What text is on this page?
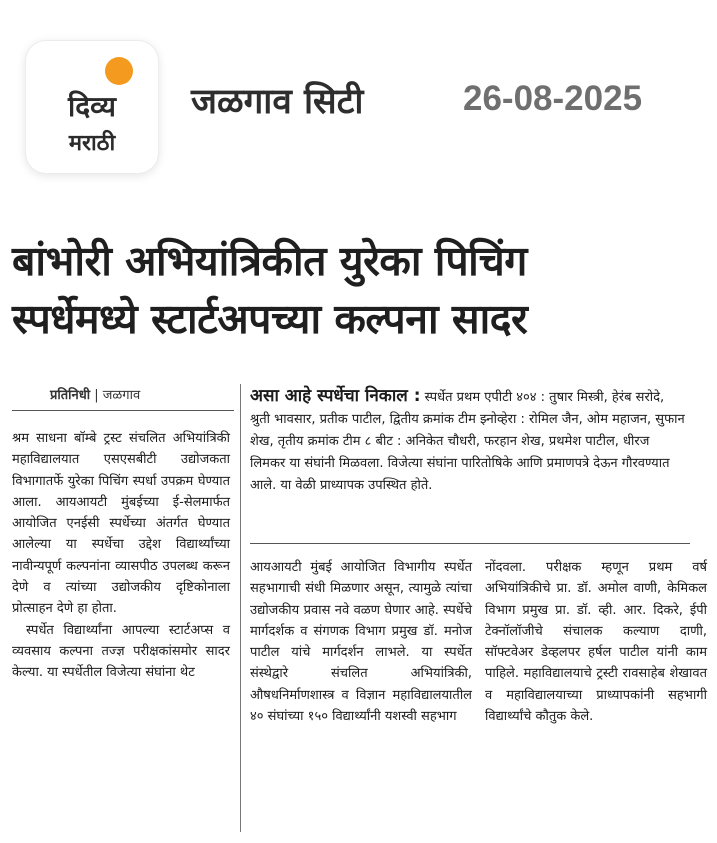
दिव्य
मराठी
जळगाव सिटी	26-08-2025
बांभोरी अभियांत्रिकीत युरेका पिचिंग
स्पर्धेमध्ये स्टार्टअपच्या कल्पना सादर
प्रतिनिधी | जळगाव

श्रम साधना बॉम्बे ट्रस्ट संचलित अभियांत्रिकी महाविद्यालयात एसएसबीटी उद्योजकता विभागातर्फे युरेका पिचिंग स्पर्धा उपक्रम घेण्यात आला. आयआयटी मुंबईच्या ई-सेलमार्फत आयोजित एनईसी स्पर्धेच्या अंतर्गत घेण्यात आलेल्या या स्पर्धेचा उद्देश विद्यार्थ्यांच्या नावीन्यपूर्ण कल्पनांना व्यासपीठ उपलब्ध करून देणे व त्यांच्या उद्योजकीय दृष्टिकोनाला प्रोत्साहन देणे हा होता.

स्पर्धेत विद्यार्थ्यांना आपल्या स्टार्टअप्स व व्यवसाय कल्पना तज्ज्ञ परीक्षकांसमोर सादर केल्या. या स्पर्धेतील विजेत्या संघांना थेट

असा आहे स्पर्धेचा निकाल : स्पर्धेत प्रथम एपीटी ४०४ : तुषार मिस्त्री, हेरंब सरोदे, श्रुती भावसार, प्रतीक पाटील, द्वितीय क्रमांक टीम झ्नोव्हेरा : रोमिल जैन, ओम महाजन, सुफान शेख, तृतीय क्रमांक टीम ८ बीट : अनिकेत चौधरी, फरहान शेख, प्रथमेश पाटील, धीरज लिमकर या संघांनी मिळवला. विजेत्या संघांना पारितोषिके आणि प्रमाणपत्रे देऊन गौरवण्यात आले. या वेळी प्राध्यापक उपस्थित होते.

आयआयटी मुंबई आयोजित विभागीय स्पर्धेत सहभागाची संधी मिळणार असून, त्यामुळे त्यांचा उद्योजकीय प्रवास नवे वळण घेणार आहे. स्पर्धेचे मार्गदर्शक व संगणक विभाग प्रमुख डॉ. मनोज पाटील यांचे मार्गदर्शन लाभले. या स्पर्धेत संस्थेद्वारे संचलित अभियांत्रिकी, औषधनिर्माणशास्त्र व विज्ञान महाविद्यालयातील ४० संघांच्या १५० विद्यार्थ्यांनी यशस्वी सहभाग

नोंदवला. परीक्षक म्हणून प्रथम वर्ष अभियांत्रिकीचे प्रा. डॉ. अमोल वाणी, केमिकल विभाग प्रमुख प्रा. डॉ. व्ही. आर. दिकरे, ईपी टेक्नॉलॉजीचे संचालक कल्याण दाणी, सॉफ्टवेअर डेव्हलपर हर्षल पाटील यांनी काम पाहिले. महाविद्यालयाचे ट्रस्टी रावसाहेब शेखावत व महाविद्यालयाच्या प्राध्यापकांनी सहभागी विद्यार्थ्यांचे कौतुक केले.
